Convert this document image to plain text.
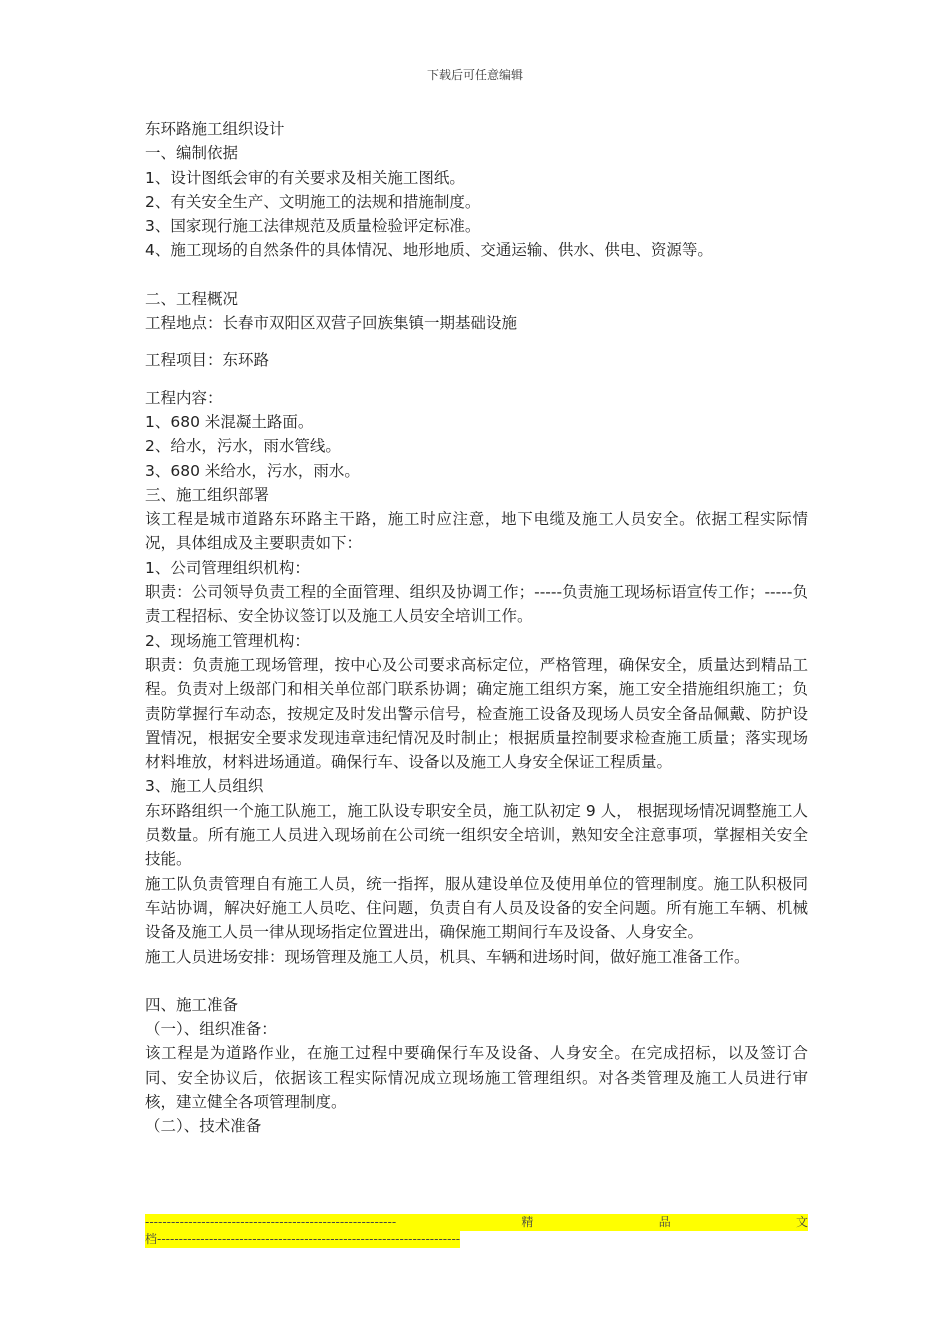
下载后可任意编辑

东环路施工组织设计

一、编制依据

1、设计图纸会审的有关要求及相关施工图纸。

2、有关安全生产、文明施工的法规和措施制度。

3、国家现行施工法律规范及质量检验评定标准。

4、施工现场的自然条件的具体情况、地形地质、交通运输、供水、供电、资源等。

二、工程概况

工程地点：长春市双阳区双营子回族集镇一期基础设施

工程项目：东环路

工程内容：

1、680 米混凝土路面。

2、给水，污水，雨水管线。

3、680 米给水，污水，雨水。

三、施工组织部署

该工程是城市道路东环路主干路，施工时应注意，地下电缆及施工人员安全。依据工程实际情况，具体组成及主要职责如下：

1、公司管理组织机构：

职责：公司领导负责工程的全面管理、组织及协调工作；-----负责施工现场标语宣传工作；-----负责工程招标、安全协议签订以及施工人员安全培训工作。

2、现场施工管理机构：

职责：负责施工现场管理，按中心及公司要求高标定位，严格管理，确保安全，质量达到精品工程。负责对上级部门和相关单位部门联系协调；确定施工组织方案，施工安全措施组织施工；负责防掌握行车动态，按规定及时发出警示信号，检查施工设备及现场人员安全备品佩戴、防护设置情况，根据安全要求发现违章违纪情况及时制止；根据质量控制要求检查施工质量；落实现场材料堆放，材料进场通道。确保行车、设备以及施工人身安全保证工程质量。

3、施工人员组织

东环路组织一个施工队施工，施工队设专职安全员，施工队初定 9 人， 根据现场情况调整施工人员数量。所有施工人员进入现场前在公司统一组织安全培训，熟知安全注意事项，掌握相关安全技能。

施工队负责管理自有施工人员，统一指挥，服从建设单位及使用单位的管理制度。施工队积极同车站协调，解决好施工人员吃、住问题，负责自有人员及设备的安全问题。所有施工车辆、机械设备及施工人员一律从现场指定位置进出，确保施工期间行车及设备、人身安全。

施工人员进场安排：现场管理及施工人员，机具、车辆和进场时间，做好施工准备工作。

四、施工准备

（一）、组织准备：

该工程是为道路作业，在施工过程中要确保行车及设备、人身安全。在完成招标，以及签订合同、安全协议后，依据该工程实际情况成立现场施工管理组织。对各类管理及施工人员进行审核，建立健全各项管理制度。

（二）、技术准备

----------------------------------------------------------	精	品	文
档----------------------------------------------------------------------
